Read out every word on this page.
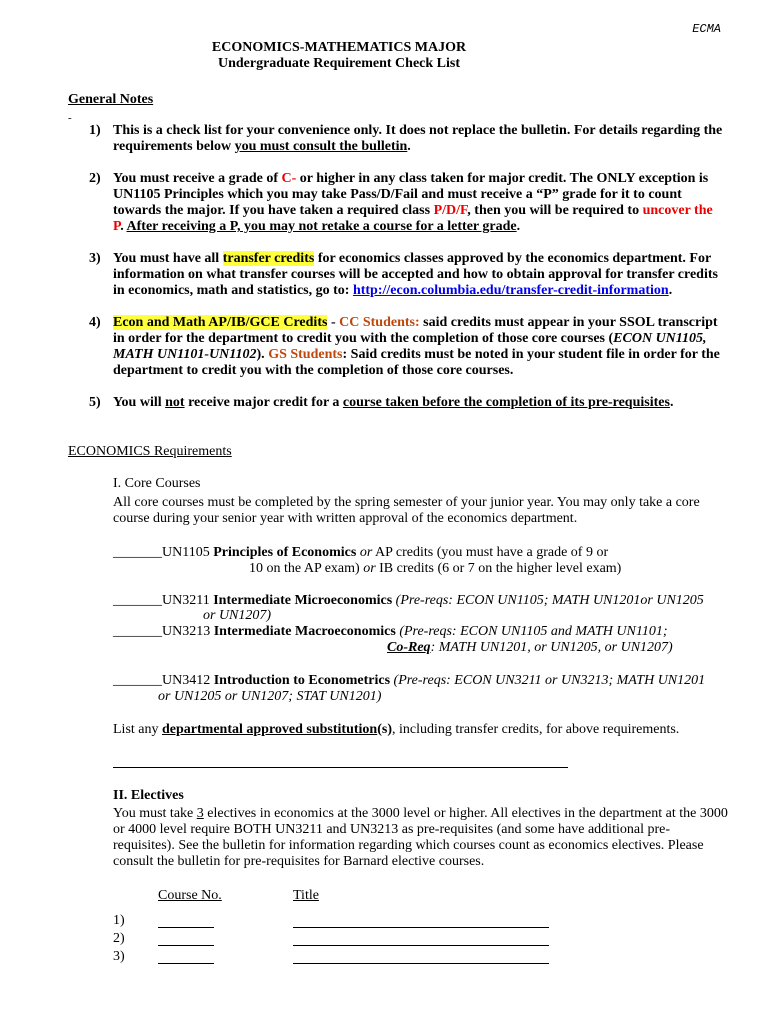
ECMA
ECONOMICS-MATHEMATICS MAJOR
Undergraduate Requirement Check List
General Notes
-
1) This is a check list for your convenience only. It does not replace the bulletin. For details regarding the requirements below you must consult the bulletin.
2) You must receive a grade of C- or higher in any class taken for major credit. The ONLY exception is UN1105 Principles which you may take Pass/D/Fail and must receive a “P” grade for it to count towards the major. If you have taken a required class P/D/F, then you will be required to uncover the P. After receiving a P, you may not retake a course for a letter grade.
3) You must have all transfer credits for economics classes approved by the economics department. For information on what transfer courses will be accepted and how to obtain approval for transfer credits in economics, math and statistics, go to: http://econ.columbia.edu/transfer-credit-information.
4) Econ and Math AP/IB/GCE Credits - CC Students: said credits must appear in your SSOL transcript in order for the department to credit you with the completion of those core courses (ECON UN1105, MATH UN1101-UN1102). GS Students: Said credits must be noted in your student file in order for the department to credit you with the completion of those core courses.
5) You will not receive major credit for a course taken before the completion of its pre-requisites.
ECONOMICS Requirements
I. Core Courses
All core courses must be completed by the spring semester of your junior year. You may only take a core
course during your senior year with written approval of the economics department.
_______UN1105 Principles of Economics or AP credits (you must have a grade of 9 or
10 on the AP exam) or IB credits (6 or 7 on the higher level exam)
_______UN3211 Intermediate Microeconomics (Pre-reqs: ECON UN1105; MATH UN1201or UN1205
or UN1207)
_______UN3213 Intermediate Macroeconomics (Pre-reqs: ECON UN1105 and MATH UN1101;
Co-Req: MATH UN1201, or UN1205, or UN1207)
_______UN3412 Introduction to Econometrics (Pre-reqs: ECON UN3211 or UN3213; MATH UN1201
or UN1205 or UN1207; STAT UN1201)
List any departmental approved substitution(s), including transfer credits, for above requirements.
II. Electives
You must take 3 electives in economics at the 3000 level or higher. All electives in the department at the 3000
or 4000 level require BOTH UN3211 and UN3213 as pre-requisites (and some have additional pre-
requisites). See the bulletin for information regarding which courses count as economics electives. Please
consult the bulletin for pre-requisites for Barnard elective courses.
Course No.	Title
1)
2)
3)
